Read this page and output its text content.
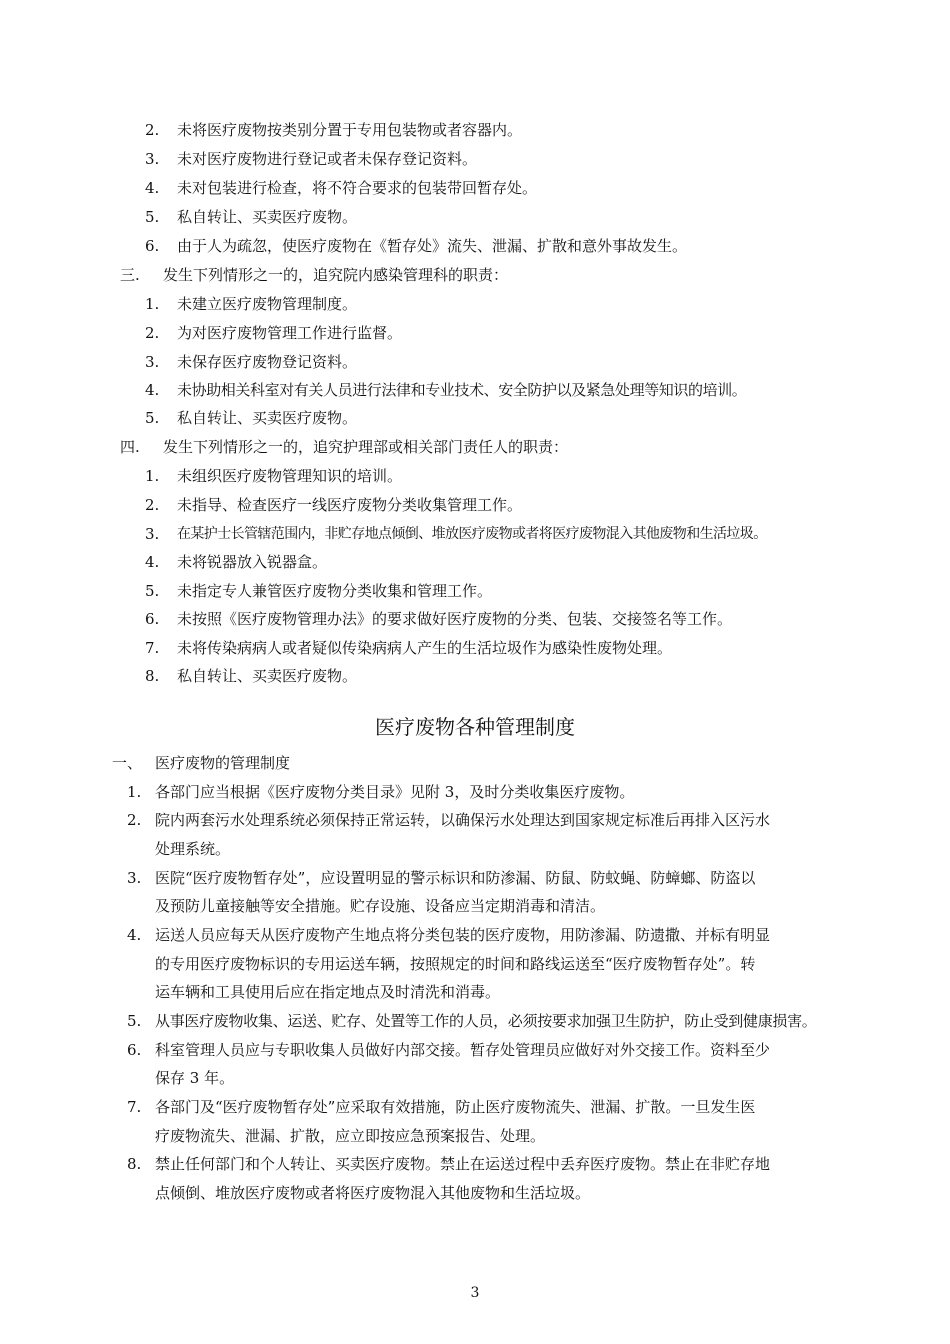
2. 未将医疗废物按类别分置于专用包装物或者容器内。
3. 未对医疗废物进行登记或者未保存登记资料。
4. 未对包装进行检查，将不符合要求的包装带回暂存处。
5. 私自转让、买卖医疗废物。
6. 由于人为疏忽，使医疗废物在《暂存处》流失、泄漏、扩散和意外事故发生。
三. 发生下列情形之一的，追究院内感染管理科的职责：
1. 未建立医疗废物管理制度。
2. 为对医疗废物管理工作进行监督。
3. 未保存医疗废物登记资料。
4. 未协助相关科室对有关人员进行法律和专业技术、安全防护以及紧急处理等知识的培训。
5. 私自转让、买卖医疗废物。
四. 发生下列情形之一的，追究护理部或相关部门责任人的职责：
1. 未组织医疗废物管理知识的培训。
2. 未指导、检查医疗一线医疗废物分类收集管理工作。
3. 在某护士长管辖范围内，非贮存地点倾倒、堆放医疗废物或者将医疗废物混入其他废物和生活垃圾。
4. 未将锐器放入锐器盒。
5. 未指定专人兼管医疗废物分类收集和管理工作。
6. 未按照《医疗废物管理办法》的要求做好医疗废物的分类、包装、交接签名等工作。
7. 未将传染病病人或者疑似传染病病人产生的生活垃圾作为感染性废物处理。
8. 私自转让、买卖医疗废物。
医疗废物各种管理制度
一、 医疗废物的管理制度
1. 各部门应当根据《医疗废物分类目录》见附 3，及时分类收集医疗废物。
2. 院内两套污水处理系统必须保持正常运转，以确保污水处理达到国家规定标准后再排入区污水
处理系统。
3. 医院“医疗废物暂存处”，应设置明显的警示标识和防渗漏、防鼠、防蚊蝇、防蟑螂、防盗以
及预防儿童接触等安全措施。贮存设施、设备应当定期消毒和清洁。
4. 运送人员应每天从医疗废物产生地点将分类包装的医疗废物，用防渗漏、防遗撒、并标有明显
的专用医疗废物标识的专用运送车辆，按照规定的时间和路线运送至“医疗废物暂存处”。转
运车辆和工具使用后应在指定地点及时清洗和消毒。
5. 从事医疗废物收集、运送、贮存、处置等工作的人员，必须按要求加强卫生防护，防止受到健康损害。
6. 科室管理人员应与专职收集人员做好内部交接。暂存处管理员应做好对外交接工作。资料至少
保存 3 年。
7. 各部门及“医疗废物暂存处”应采取有效措施，防止医疗废物流失、泄漏、扩散。一旦发生医
疗废物流失、泄漏、扩散，应立即按应急预案报告、处理。
8. 禁止任何部门和个人转让、买卖医疗废物。禁止在运送过程中丢弃医疗废物。禁止在非贮存地
点倾倒、堆放医疗废物或者将医疗废物混入其他废物和生活垃圾。
3
